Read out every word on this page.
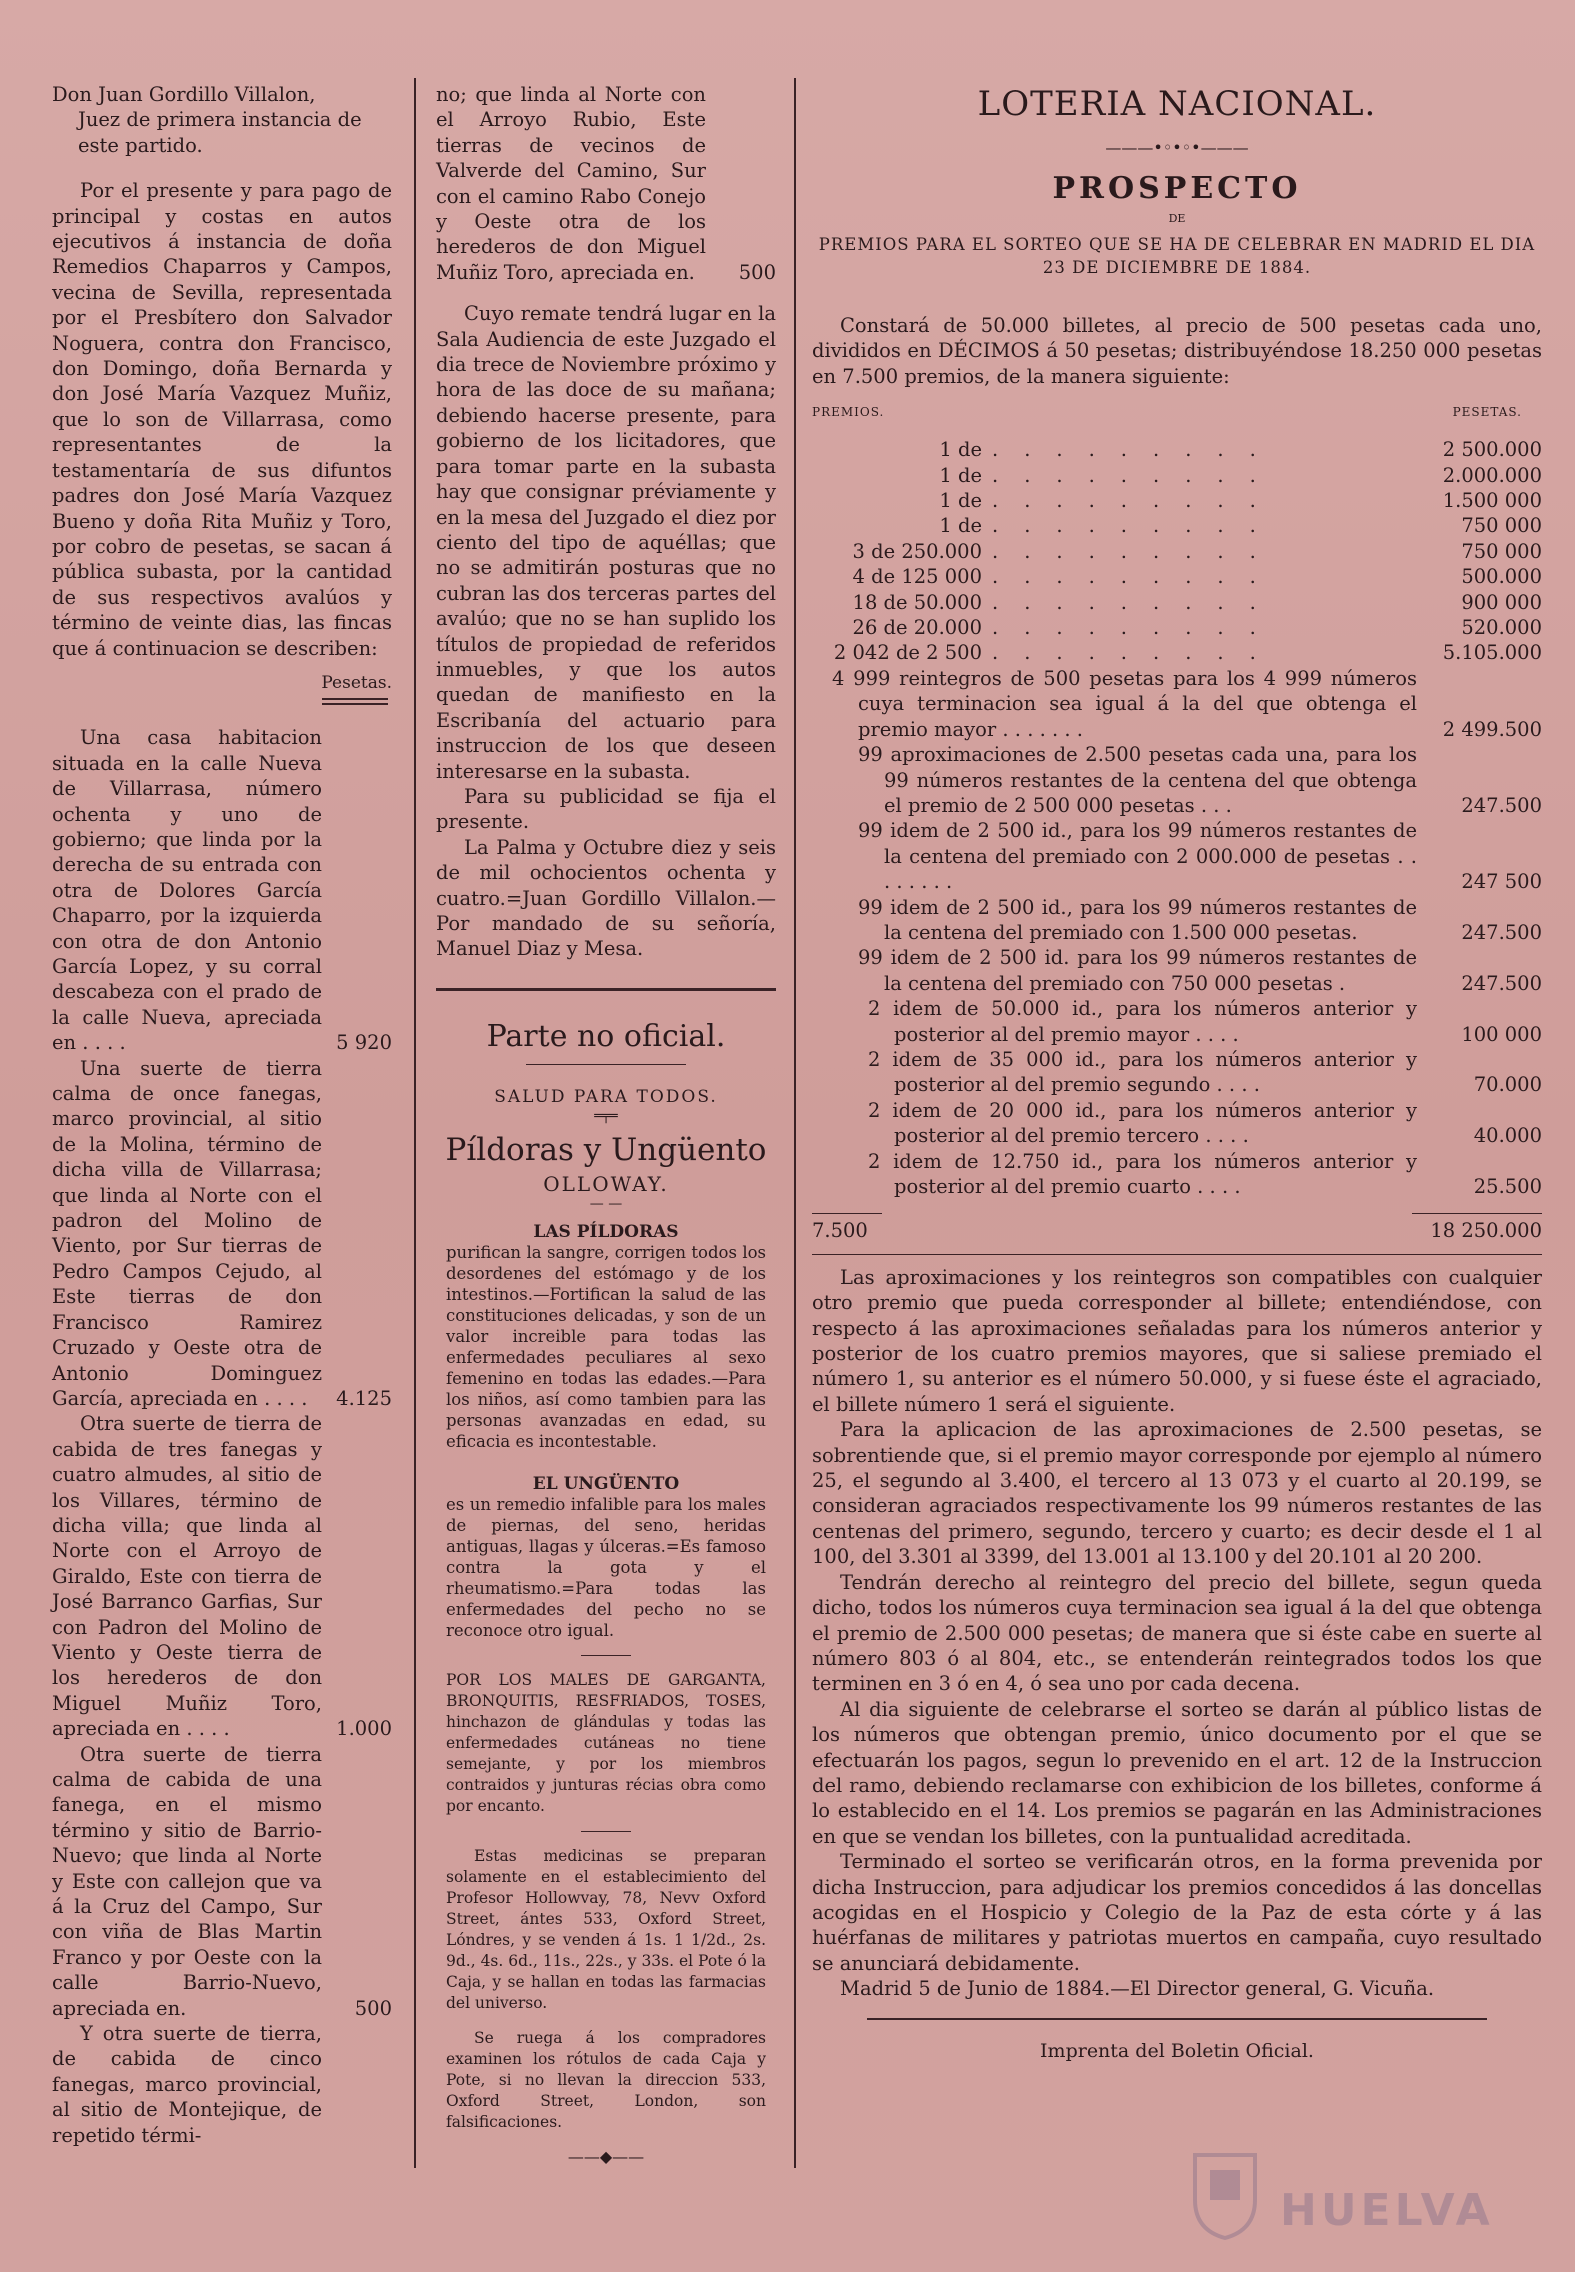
Don Juan Gordillo Villalon,

Juez de primera instancia de

este partido.

Por el presente y para pago de principal y costas en autos ejecutivos á instancia de doña Remedios Chaparros y Campos, vecina de Sevilla, representada por el Presbítero don Salvador Noguera, contra don Francisco, don Domingo, doña Bernarda y don José María Vazquez Muñiz, que lo son de Villarrasa, como representantes de la testamentaría de sus difuntos padres don José María Vazquez Bueno y doña Rita Muñiz y Toro, por cobro de pesetas, se sacan á pública subasta, por la cantidad de sus respectivos avalúos y término de veinte dias, las fincas que á continuacion se describen:

Pesetas.

Una casa habitacion situada en la calle Nueva de Villarrasa, número ochenta y uno de gobierno; que linda por la derecha de su entrada con otra de Dolores García Chaparro, por la izquierda con otra de don Antonio García Lopez, y su corral descabeza con el prado de la calle Nueva, apreciada en . . . .	5 920

Una suerte de tierra calma de once fanegas, marco provincial, al sitio de la Molina, término de dicha villa de Villarrasa; que linda al Norte con el padron del Molino de Viento, por Sur tierras de Pedro Campos Cejudo, al Este tierras de don Francisco Ramirez Cruzado y Oeste otra de Antonio Dominguez García, apreciada en . . . .	4.125

Otra suerte de tierra de cabida de tres fanegas y cuatro almudes, al sitio de los Villares, término de dicha villa; que linda al Norte con el Arroyo de Giraldo, Este con tierra de José Barranco Garfias, Sur con Padron del Molino de Viento y Oeste tierra de los herederos de don Miguel Muñiz Toro, apreciada en . . . .	1.000

Otra suerte de tierra calma de cabida de una fanega, en el mismo término y sitio de Barrio-Nuevo; que linda al Norte y Este con callejon que va á la Cruz del Campo, Sur con viña de Blas Martin Franco y por Oeste con la calle Barrio-Nuevo, apreciada en.	500

Y otra suerte de tierra, de cabida de cinco fanegas, marco provincial, al sitio de Montejique, de repetido térmi-

no; que linda al Norte con el Arroyo Rubio, Este tierras de vecinos de Valverde del Camino, Sur con el camino Rabo Conejo y Oeste otra de los herederos de don Miguel Muñiz Toro, apreciada en.	500

Cuyo remate tendrá lugar en la Sala Audiencia de este Juzgado el dia trece de Noviembre próximo y hora de las doce de su mañana; debiendo hacerse presente, para gobierno de los licitadores, que para tomar parte en la subasta hay que consignar préviamente y en la mesa del Juzgado el diez por ciento del tipo de aquéllas; que no se admitirán posturas que no cubran las dos terceras partes del avalúo; que no se han suplido los títulos de propiedad de referidos inmuebles, y que los autos quedan de manifiesto en la Escribanía del actuario para instruccion de los que deseen interesarse en la subasta.

Para su publicidad se fija el presente.

La Palma y Octubre diez y seis de mil ochocientos ochenta y cuatro.=Juan Gordillo Villalon.—Por mandado de su señoría, Manuel Diaz y Mesa.

Parte no oficial.

SALUD PARA TODOS.

═╤═

Píldoras y Ungüento

OLLOWAY.

— —

LAS PÍLDORAS

purifican la sangre, corrigen todos los desordenes del estómago y de los intestinos.—Fortifican la salud de las constituciones delicadas, y son de un valor increible para todas las enfermedades peculiares al sexo femenino en todas las edades.—Para los niños, así como tambien para las personas avanzadas en edad, su eficacia es incontestable.

EL UNGÜENTO

es un remedio infalible para los males de piernas, del seno, heridas antiguas, llagas y úlceras.=Es famoso contra la gota y el rheumatismo.=Para todas las enfermedades del pecho no se reconoce otro igual.

POR LOS MALES DE GARGANTA, BRONQUITIS, RESFRIADOS, TOSES, hinchazon de glándulas y todas las enfermedades cutáneas no tiene semejante, y por los miembros contraidos y junturas récias obra como por encanto.

Estas medicinas se preparan solamente en el establecimiento del Profesor Hollowvay, 78, Nevv Oxford Street, ántes 533, Oxford Street, Lóndres, y se venden á 1s. 1 1/2d., 2s. 9d., 4s. 6d., 11s., 22s., y 33s. el Pote ó la Caja, y se hallan en todas las farmacias del universo.

Se ruega á los compradores examinen los rótulos de cada Caja y Pote, si no llevan la direccion 533, Oxford Street, London, son falsificaciones.

——◆——

LOTERIA NACIONAL.

———•◦•◦•———

PROSPECTO

DE

PREMIOS PARA EL SORTEO QUE SE HA DE CELEBRAR EN MADRID EL DIA

23 DE DICIEMBRE DE 1884.

Constará de 50.000 billetes, al precio de 500 pesetas cada uno, divididos en DÉCIMOS á 50 pesetas; distribuyéndose 18.250 000 pesetas en 7.500 premios, de la manera siguiente:

PREMIOS.	PESETAS.
1 de .........	2 500.000
1 de .........	2.000.000
1 de .........	1.500 000
1 de .........	750 000
3 de 250.000 .........	750 000
4 de 125 000 .........	500.000
18 de 50.000 .........	900 000
26 de 20.000 .........	520.000
2 042 de 2 500 .........	5.105.000

4 999 reintegros de 500 pesetas para los 4 999 números cuya terminacion sea igual á la del que obtenga el premio mayor . . . . . . .	2 499.500

99 aproximaciones de 2.500 pesetas cada una, para los 99 números restantes de la centena del que obtenga el premio de 2 500 000 pesetas . . .	247.500

99 idem de 2 500 id., para los 99 números restantes de la centena del premiado con 2 000.000 de pesetas . . . . . . . .	247 500

99 idem de 2 500 id., para los 99 números restantes de la centena del premiado con 1.500 000 pesetas.	247.500

99 idem de 2 500 id. para los 99 números restantes de la centena del premiado con 750 000 pesetas .	247.500

2 idem de 50.000 id., para los números anterior y posterior al del premio mayor . . . .	100 000

2 idem de 35 000 id., para los números anterior y posterior al del premio segundo . . . .	70.000

2 idem de 20 000 id., para los números anterior y posterior al del premio tercero . . . .	40.000

2 idem de 12.750 id., para los números anterior y posterior al del premio cuarto . . . .	25.500

7.500	18 250.000

Las aproximaciones y los reintegros son compatibles con cualquier otro premio que pueda corresponder al billete; entendiéndose, con respecto á las aproximaciones señaladas para los números anterior y posterior de los cuatro premios mayores, que si saliese premiado el número 1, su anterior es el número 50.000, y si fuese éste el agraciado, el billete número 1 será el siguiente.

Para la aplicacion de las aproximaciones de 2.500 pesetas, se sobrentiende que, si el premio mayor corresponde por ejemplo al número 25, el segundo al 3.400, el tercero al 13 073 y el cuarto al 20.199, se consideran agraciados respectivamente los 99 números restantes de las centenas del primero, segundo, tercero y cuarto; es decir desde el 1 al 100, del 3.301 al 3399, del 13.001 al 13.100 y del 20.101 al 20 200.

Tendrán derecho al reintegro del precio del billete, segun queda dicho, todos los números cuya terminacion sea igual á la del que obtenga el premio de 2.500 000 pesetas; de manera que si éste cabe en suerte al número 803 ó al 804, etc., se entenderán reintegrados todos los que terminen en 3 ó en 4, ó sea uno por cada decena.

Al dia siguiente de celebrarse el sorteo se darán al público listas de los números que obtengan premio, único documento por el que se efectuarán los pagos, segun lo prevenido en el art. 12 de la Instruccion del ramo, debiendo reclamarse con exhibicion de los billetes, conforme á lo establecido en el 14. Los premios se pagarán en las Administraciones en que se vendan los billetes, con la puntualidad acreditada.

Terminado el sorteo se verificarán otros, en la forma prevenida por dicha Instruccion, para adjudicar los premios concedidos á las doncellas acogidas en el Hospicio y Colegio de la Paz de esta córte y á las huérfanas de militares y patriotas muertos en campaña, cuyo resultado se anunciará debidamente.

Madrid 5 de Junio de 1884.—El Director general, G. Vicuña.

Imprenta del Boletin Oficial.

HUELVA
